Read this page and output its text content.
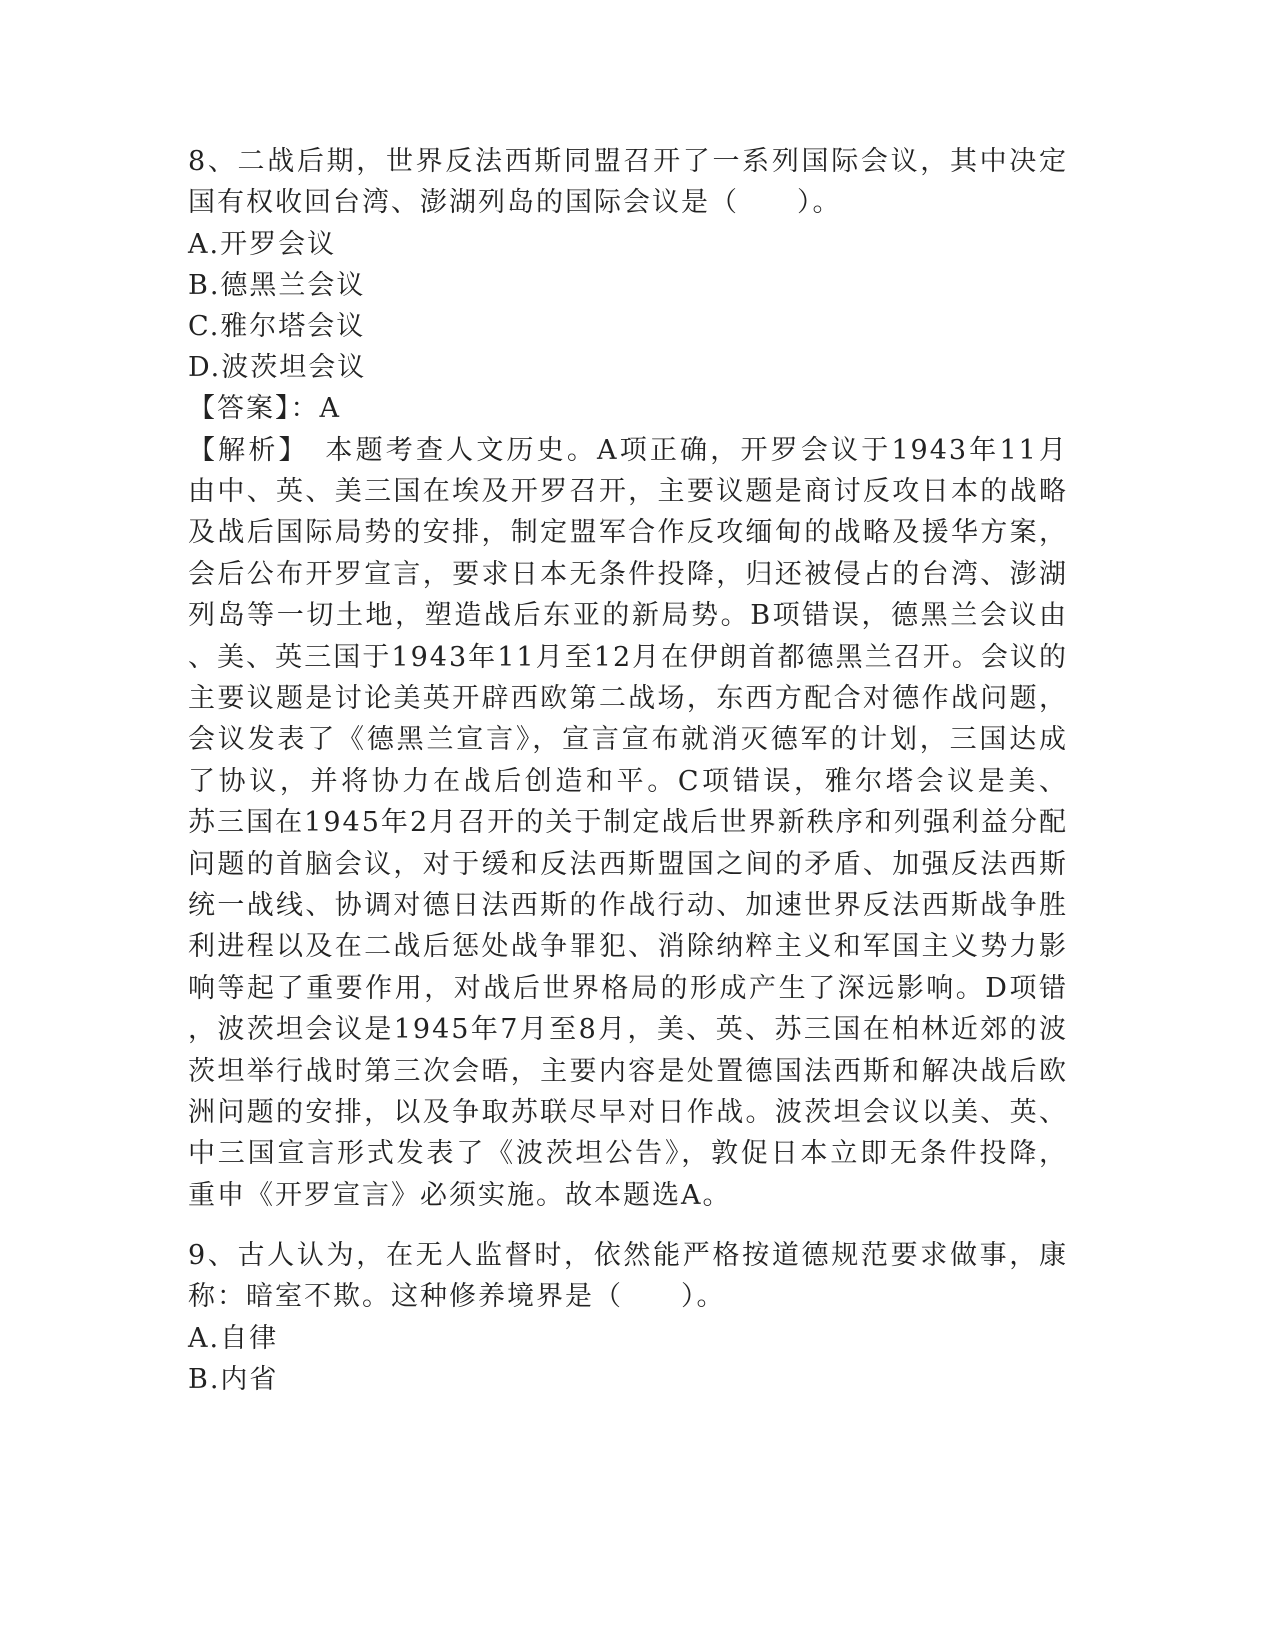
8、二战后期，世界反法西斯同盟召开了一系列国际会议，其中决定
国有权收回台湾、澎湖列岛的国际会议是（　　）。
A.开罗会议
B.德黑兰会议
C.雅尔塔会议
D.波茨坦会议
【答案】：A
【解析】　本题考查人文历史。A项正确，开罗会议于1943年11月
由中、英、美三国在埃及开罗召开，主要议题是商讨反攻日本的战略
及战后国际局势的安排，制定盟军合作反攻缅甸的战略及援华方案，
会后公布开罗宣言，要求日本无条件投降，归还被侵占的台湾、澎湖
列岛等一切土地，塑造战后东亚的新局势。B项错误，德黑兰会议由
、美、英三国于1943年11月至12月在伊朗首都德黑兰召开。会议的
主要议题是讨论美英开辟西欧第二战场，东西方配合对德作战问题，
会议发表了《德黑兰宣言》，宣言宣布就消灭德军的计划，三国达成
了协议，并将协力在战后创造和平。C项错误，雅尔塔会议是美、
苏三国在1945年2月召开的关于制定战后世界新秩序和列强利益分配
问题的首脑会议，对于缓和反法西斯盟国之间的矛盾、加强反法西斯
统一战线、协调对德日法西斯的作战行动、加速世界反法西斯战争胜
利进程以及在二战后惩处战争罪犯、消除纳粹主义和军国主义势力影
响等起了重要作用，对战后世界格局的形成产生了深远影响。D项错
，波茨坦会议是1945年7月至8月，美、英、苏三国在柏林近郊的波
茨坦举行战时第三次会晤，主要内容是处置德国法西斯和解决战后欧
洲问题的安排，以及争取苏联尽早对日作战。波茨坦会议以美、英、
中三国宣言形式发表了《波茨坦公告》，敦促日本立即无条件投降，
重申《开罗宣言》必须实施。故本题选A。
9、古人认为，在无人监督时，依然能严格按道德规范要求做事，康
称：暗室不欺。这种修养境界是（　　）。
A.自律
B.内省
